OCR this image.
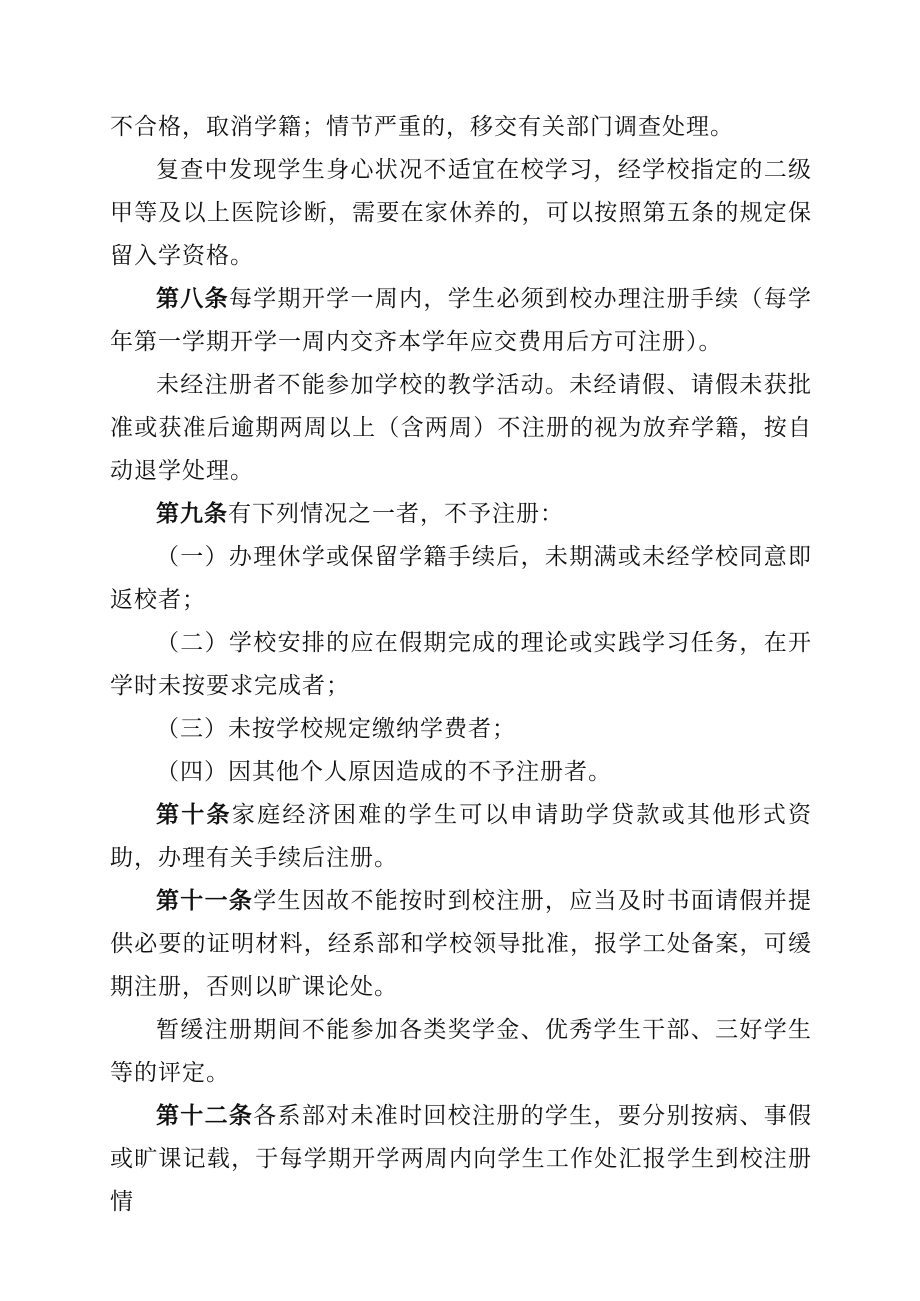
不合格，取消学籍；情节严重的，移交有关部门调查处理。

复查中发现学生身心状况不适宜在校学习，经学校指定的二级甲等及以上医院诊断，需要在家休养的，可以按照第五条的规定保留入学资格。

第八条每学期开学一周内，学生必须到校办理注册手续（每学年第一学期开学一周内交齐本学年应交费用后方可注册）。

未经注册者不能参加学校的教学活动。未经请假、请假未获批准或获准后逾期两周以上（含两周）不注册的视为放弃学籍，按自动退学处理。

第九条有下列情况之一者，不予注册：

（一）办理休学或保留学籍手续后，未期满或未经学校同意即返校者；

（二）学校安排的应在假期完成的理论或实践学习任务，在开学时未按要求完成者；

（三）未按学校规定缴纳学费者；

（四）因其他个人原因造成的不予注册者。

第十条家庭经济困难的学生可以申请助学贷款或其他形式资助，办理有关手续后注册。

第十一条学生因故不能按时到校注册，应当及时书面请假并提供必要的证明材料，经系部和学校领导批准，报学工处备案，可缓期注册，否则以旷课论处。

暂缓注册期间不能参加各类奖学金、优秀学生干部、三好学生等的评定。

第十二条各系部对未准时回校注册的学生，要分别按病、事假或旷课记载，于每学期开学两周内向学生工作处汇报学生到校注册情
